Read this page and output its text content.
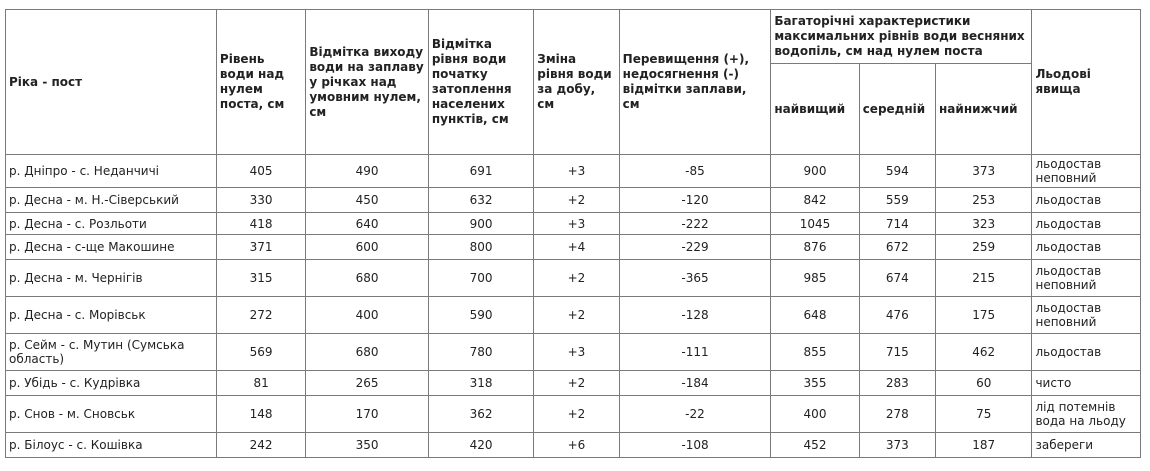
Ріка - пост	Рівень води над нулем поста, см	Відмітка виходу води на заплаву у річках над умовним нулем, см	Відмітка рівня води початку затоплення населених пунктів, см	Зміна рівня води за добу, см	Перевищення (+), недосягнення (-) відмітки заплави, см	Багаторічні характеристики максимальних рівнів води весняних водопіль, см над нулем поста			Льодові явища
						найвищий	середній	найнижчий	
р. Дніпро - с. Неданчичі	405	490	691	+3	-85	900	594	373	льодостав неповний
р. Десна - м. Н.-Сіверський	330	450	632	+2	-120	842	559	253	льодостав
р. Десна - с. Розльоти	418	640	900	+3	-222	1045	714	323	льодостав
р. Десна - с-ще Макошине	371	600	800	+4	-229	876	672	259	льодостав
р. Десна - м. Чернігів	315	680	700	+2	-365	985	674	215	льодостав неповний
р. Десна - с. Морівськ	272	400	590	+2	-128	648	476	175	льодостав неповний
р. Сейм - с. Мутин (Сумська область)	569	680	780	+3	-111	855	715	462	льодостав
р. Убідь - с. Кудрівка	81	265	318	+2	-184	355	283	60	чисто
р. Снов - м. Сновськ	148	170	362	+2	-22	400	278	75	лід потемнів вода на льоду
р. Білоус - с. Кошівка	242	350	420	+6	-108	452	373	187	забереги
